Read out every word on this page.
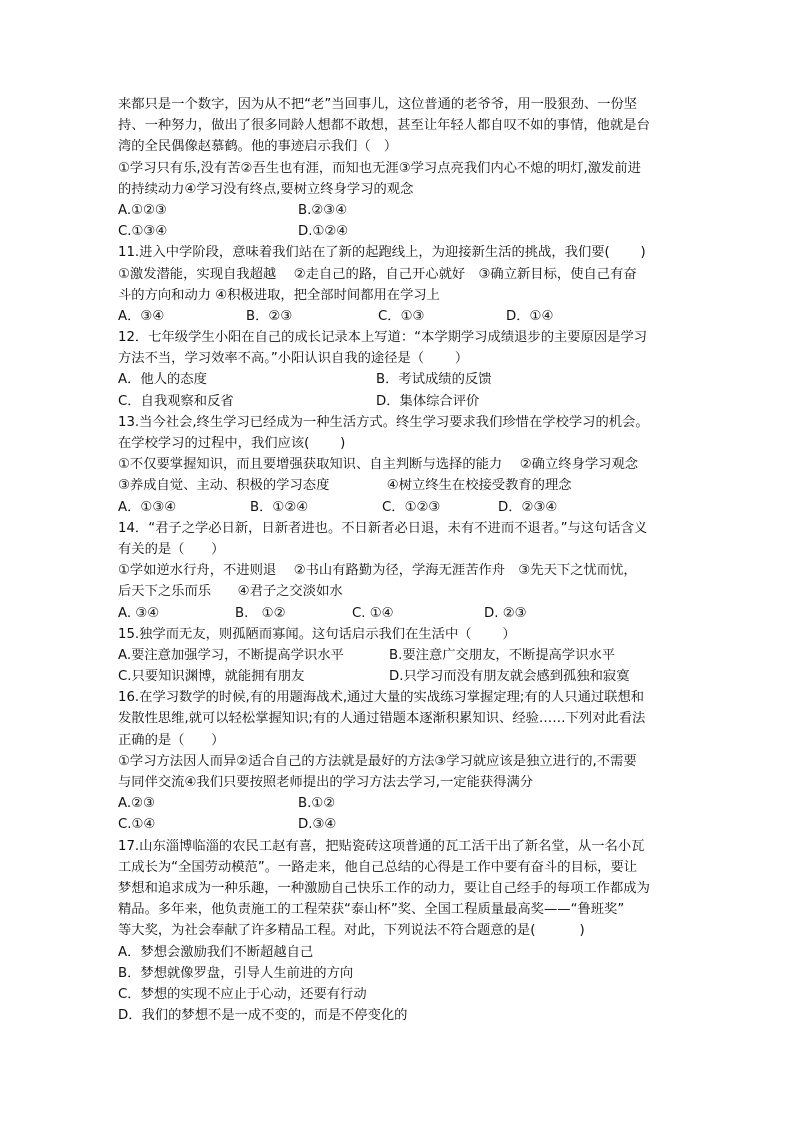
来都只是一个数字，因为从不把“老”当回事儿，这位普通的老爷爷，用一股狠劲、一份坚
持、一种努力，做出了很多同龄人想都不敢想，甚至让年轻人都自叹不如的事情，他就是台
湾的全民偶像赵慕鹤。他的事迹启示我们（　）
①学习只有乐,没有苦②吾生也有涯，而知也无涯③学习点亮我们内心不熄的明灯,激发前进
的持续动力④学习没有终点,要树立终身学习的观念
A.①②③	B.②③④
C.①③④	D.①②④
11.进入中学阶段，意味着我们站在了新的起跑线上，为迎接新生活的挑战，我们要(　　 )
①激发潜能，实现自我超越　 ②走自己的路，自己开心就好　③确立新目标，使自己有奋
斗的方向和动力 ④积极进取，把全部时间都用在学习上
A．③④	B．②③	C．①③	D．①④
12．七年级学生小阳在自己的成长记录本上写道：“本学期学习成绩退步的主要原因是学习
方法不当，学习效率不高。”小阳认识自我的途径是（　　 ）
A．他人的态度	B．考试成绩的反馈
C．自我观察和反省	D．集体综合评价
13.当今社会,终生学习已经成为一种生活方式。终生学习要求我们珍惜在学校学习的机会。
在学校学习的过程中，我们应该(　　 )
①不仅要掌握知识，而且要增强获取知识、自主判断与选择的能力　 ②确立终身学习观念
③养成自觉、主动、积极的学习态度　　　　 ④树立终生在校接受教育的理念
A．①③④	B．①②④	C．①②③	D．②③④
14．“君子之学必日新，日新者进也。不日新者必日退，未有不进而不退者。”与这句话含义
有关的是（　　）
①学如逆水行舟，不进则退　 ②书山有路勤为径，学海无涯苦作舟　③先天下之忧而忧，
后天下之乐而乐　　④君子之交淡如水
A. ③④	B.　①②	C. ①④	D. ②③
15.独学而无友，则孤陋而寡闻。这句话启示我们在生活中（　　 ）
A.要注意加强学习，不断提高学识水平	B.要注意广交朋友，不断提高学识水平
C.只要知识渊博，就能拥有朋友	D.只学习而没有朋友就会感到孤独和寂寞
16.在学习数学的时候,有的用题海战术,通过大量的实战练习掌握定理;有的人只通过联想和
发散性思维,就可以轻松掌握知识;有的人通过错题本逐渐积累知识、经验……下列对此看法
正确的是（　　）
①学习方法因人而异②适合自己的方法就是最好的方法③学习就应该是独立进行的,不需要
与同伴交流④我们只要按照老师提出的学习方法去学习,一定能获得满分
A.②③	B.①②
C.①④	D.③④
17.山东淄博临淄的农民工赵有喜，把贴瓷砖这项普通的瓦工活干出了新名堂，从一名小瓦
工成长为“全国劳动模范”。一路走来，他自己总结的心得是工作中要有奋斗的目标，要让
梦想和追求成为一种乐趣，一种激励自己快乐工作的动力，要让自己经手的每项工作都成为
精品。多年来，他负责施工的工程荣获“泰山杯”奖、全国工程质量最高奖——“鲁班奖”
等大奖，为社会奉献了许多精品工程。对此，下列说法不符合题意的是(　　 　)
A．梦想会激励我们不断超越自己
B．梦想就像罗盘，引导人生前进的方向
C．梦想的实现不应止于心动，还要有行动
D．我们的梦想不是一成不变的，而是不停变化的
